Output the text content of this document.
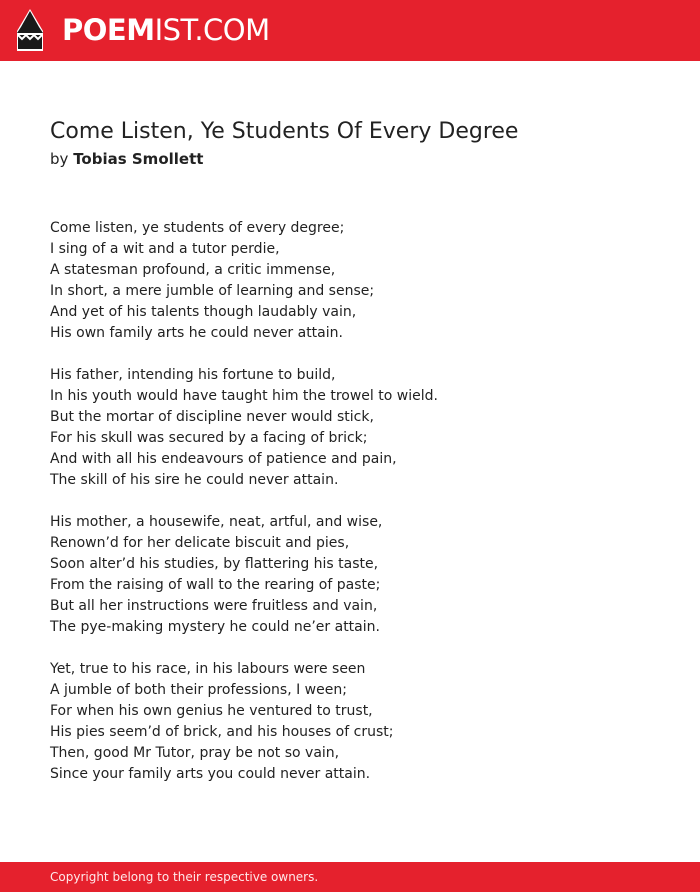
POEMIST.COM
Come Listen, Ye Students Of Every Degree
by Tobias Smollett
Come listen, ye students of every degree;
I sing of a wit and a tutor perdie,
A statesman profound, a critic immense,
In short, a mere jumble of learning and sense;
And yet of his talents though laudably vain,
His own family arts he could never attain.
His father, intending his fortune to build,
In his youth would have taught him the trowel to wield.
But the mortar of discipline never would stick,
For his skull was secured by a facing of brick;
And with all his endeavours of patience and pain,
The skill of his sire he could never attain.
His mother, a housewife, neat, artful, and wise,
Renown’d for her delicate biscuit and pies,
Soon alter’d his studies, by flattering his taste,
From the raising of wall to the rearing of paste;
But all her instructions were fruitless and vain,
The pye-making mystery he could ne’er attain.
Yet, true to his race, in his labours were seen
A jumble of both their professions, I ween;
For when his own genius he ventured to trust,
His pies seem’d of brick, and his houses of crust;
Then, good Mr Tutor, pray be not so vain,
Since your family arts you could never attain.
Copyright belong to their respective owners.
